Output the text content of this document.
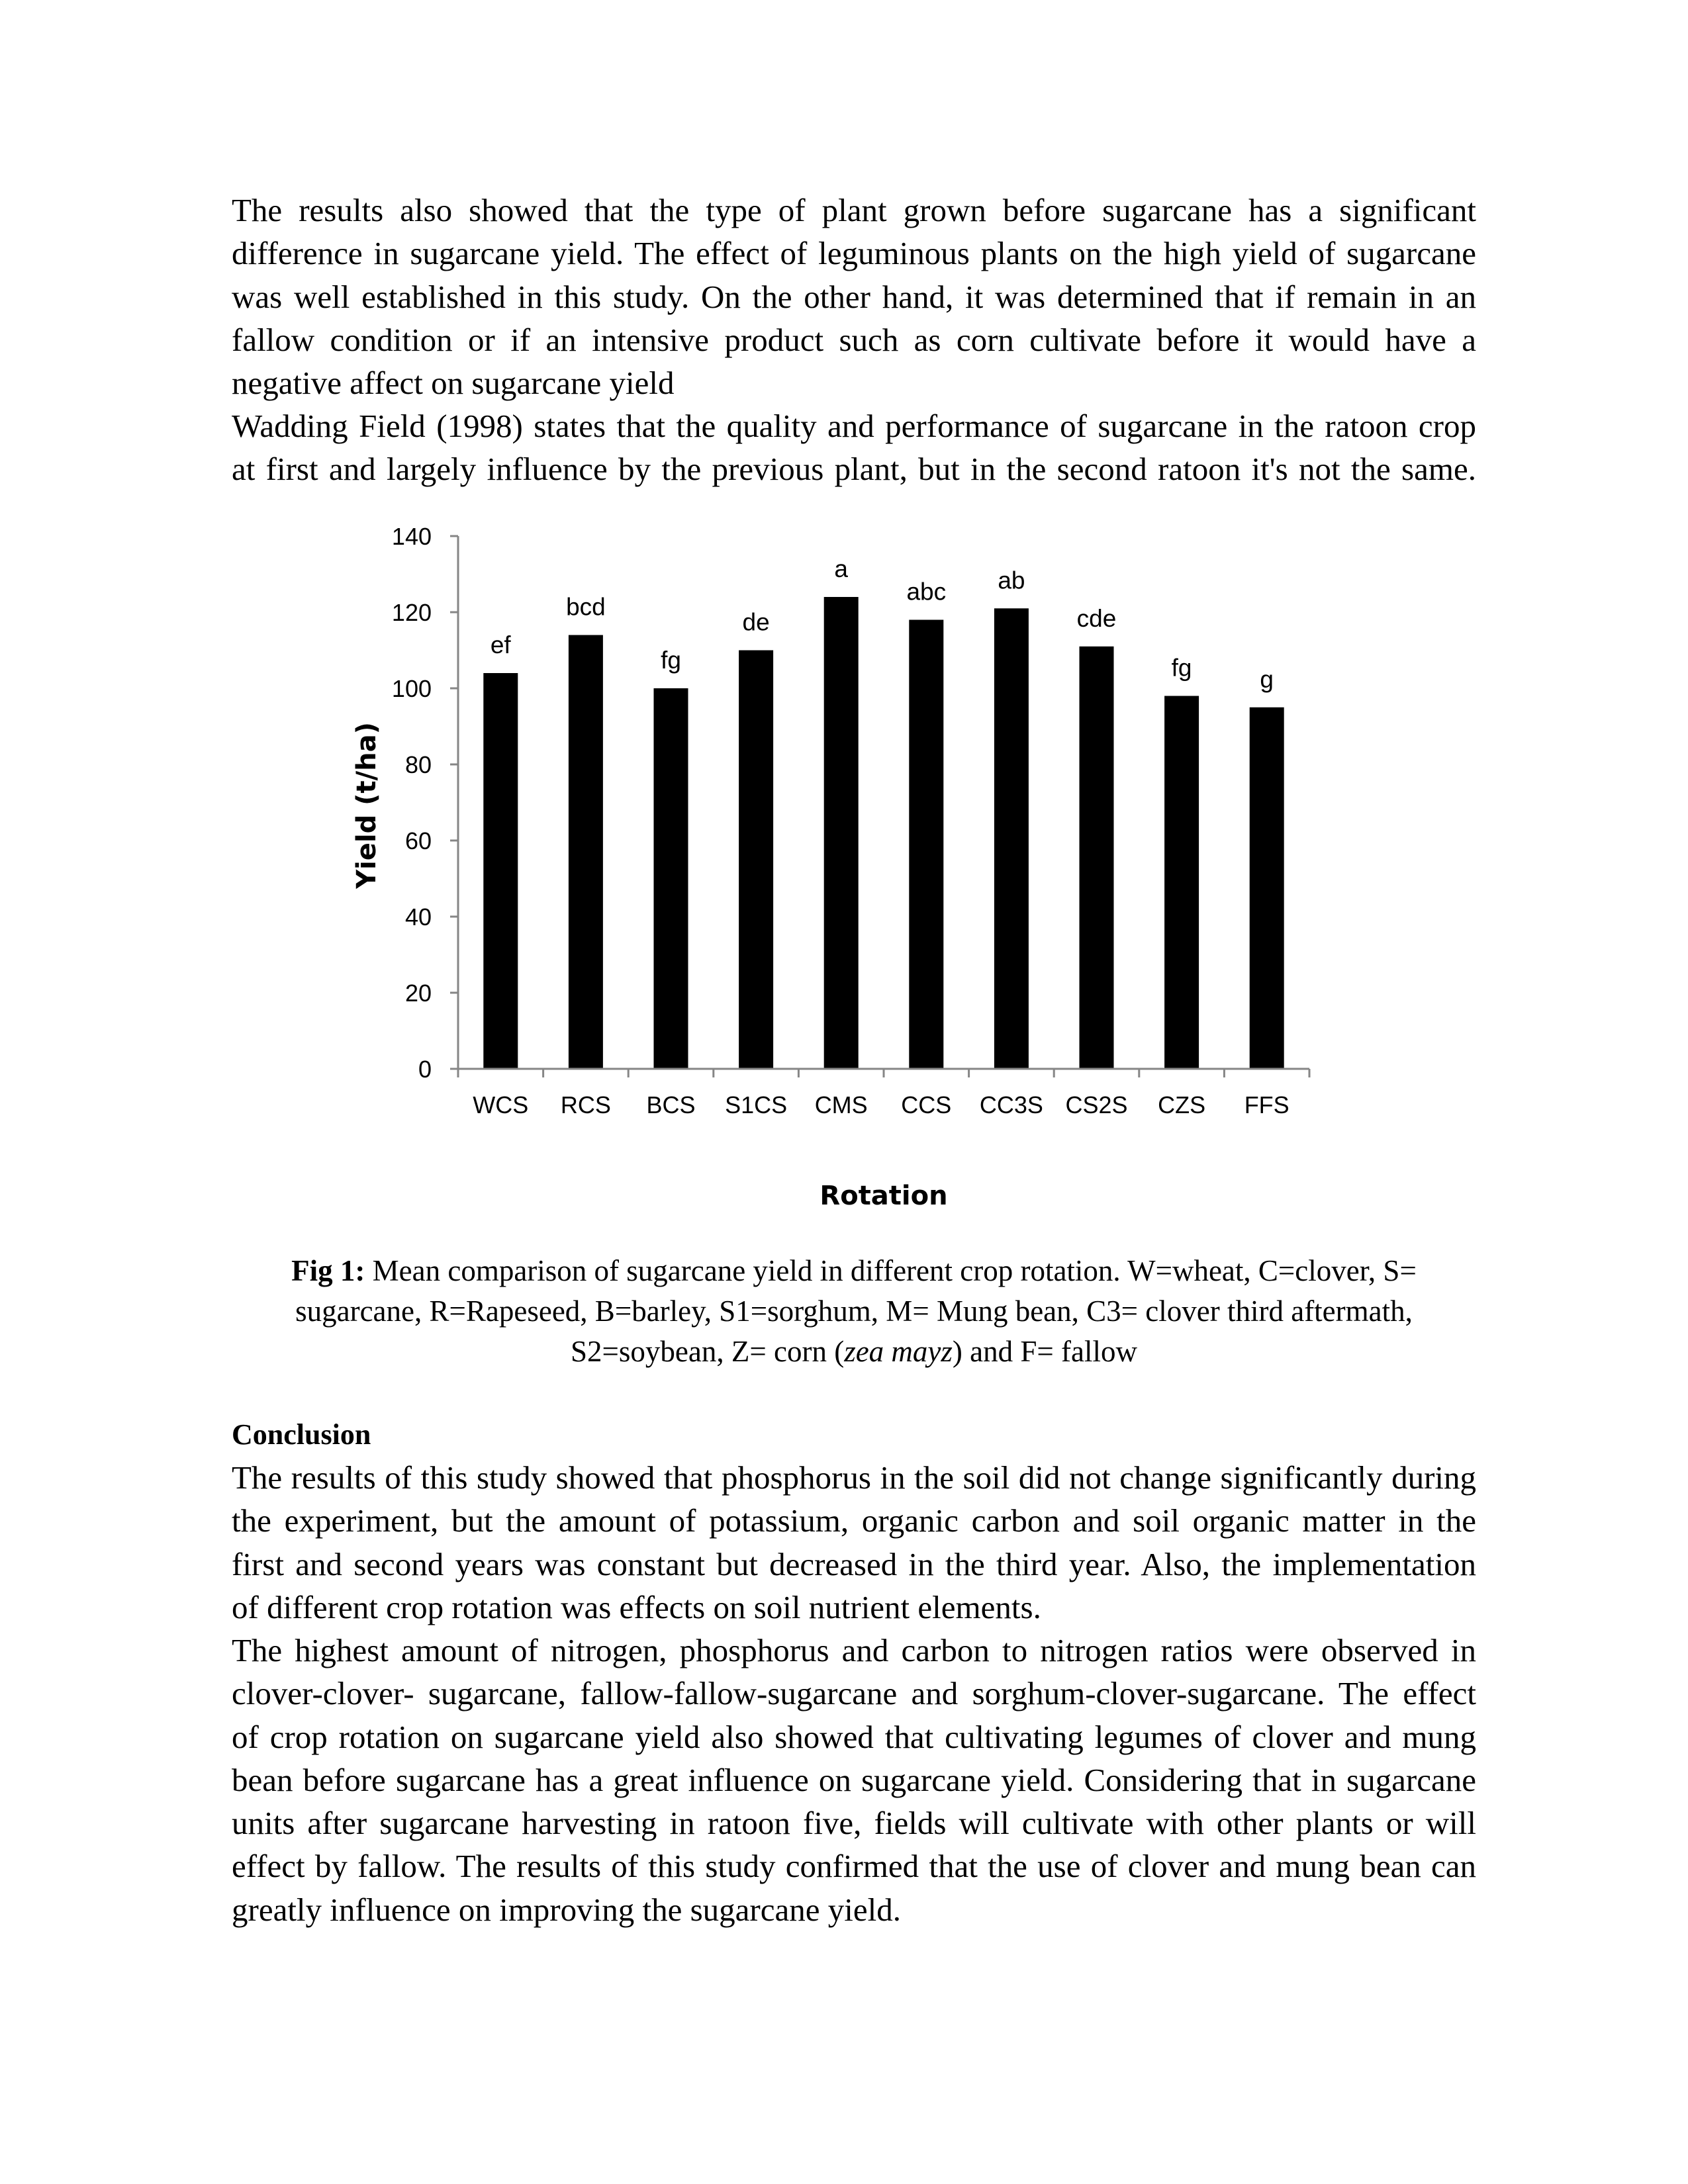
The results also showed that the type of plant grown before sugarcane has a significant
difference in sugarcane yield. The effect of leguminous plants on the high yield of sugarcane
was well established in this study. On the other hand, it was determined that if remain in an
fallow condition or if an intensive product such as corn cultivate before it would have a
negative affect on sugarcane yield
Wadding Field (1998) states that the quality and performance of sugarcane in the ratoon crop
at first and largely influence by the previous plant, but in the second ratoon it's not the same.
0
20
40
60
80
100
120
140
ef
bcd
fg
de
a
abc ab
cde
fg	g
WCS RCS BCS S1CS CMS CCS CC3S CS2S CZS FFS
Yield (t/ha)
Rotation
Fig 1: Mean comparison of sugarcane yield in different crop rotation. W=wheat, C=clover, S=
sugarcane, R=Rapeseed, B=barley, S1=sorghum, M= Mung bean, C3= clover third aftermath,
S2=soybean, Z= corn (zea mayz) and F= fallow
Conclusion
The results of this study showed that phosphorus in the soil did not change significantly during
the experiment, but the amount of potassium, organic carbon and soil organic matter in the
first and second years was constant but decreased in the third year. Also, the implementation
of different crop rotation was effects on soil nutrient elements.
The highest amount of nitrogen, phosphorus and carbon to nitrogen ratios were observed in
clover-clover- sugarcane, fallow-fallow-sugarcane and sorghum-clover-sugarcane. The effect
of crop rotation on sugarcane yield also showed that cultivating legumes of clover and mung
bean before sugarcane has a great influence on sugarcane yield. Considering that in sugarcane
units after sugarcane harvesting in ratoon five, fields will cultivate with other plants or will
effect by fallow. The results of this study confirmed that the use of clover and mung bean can
greatly influence on improving the sugarcane yield.
